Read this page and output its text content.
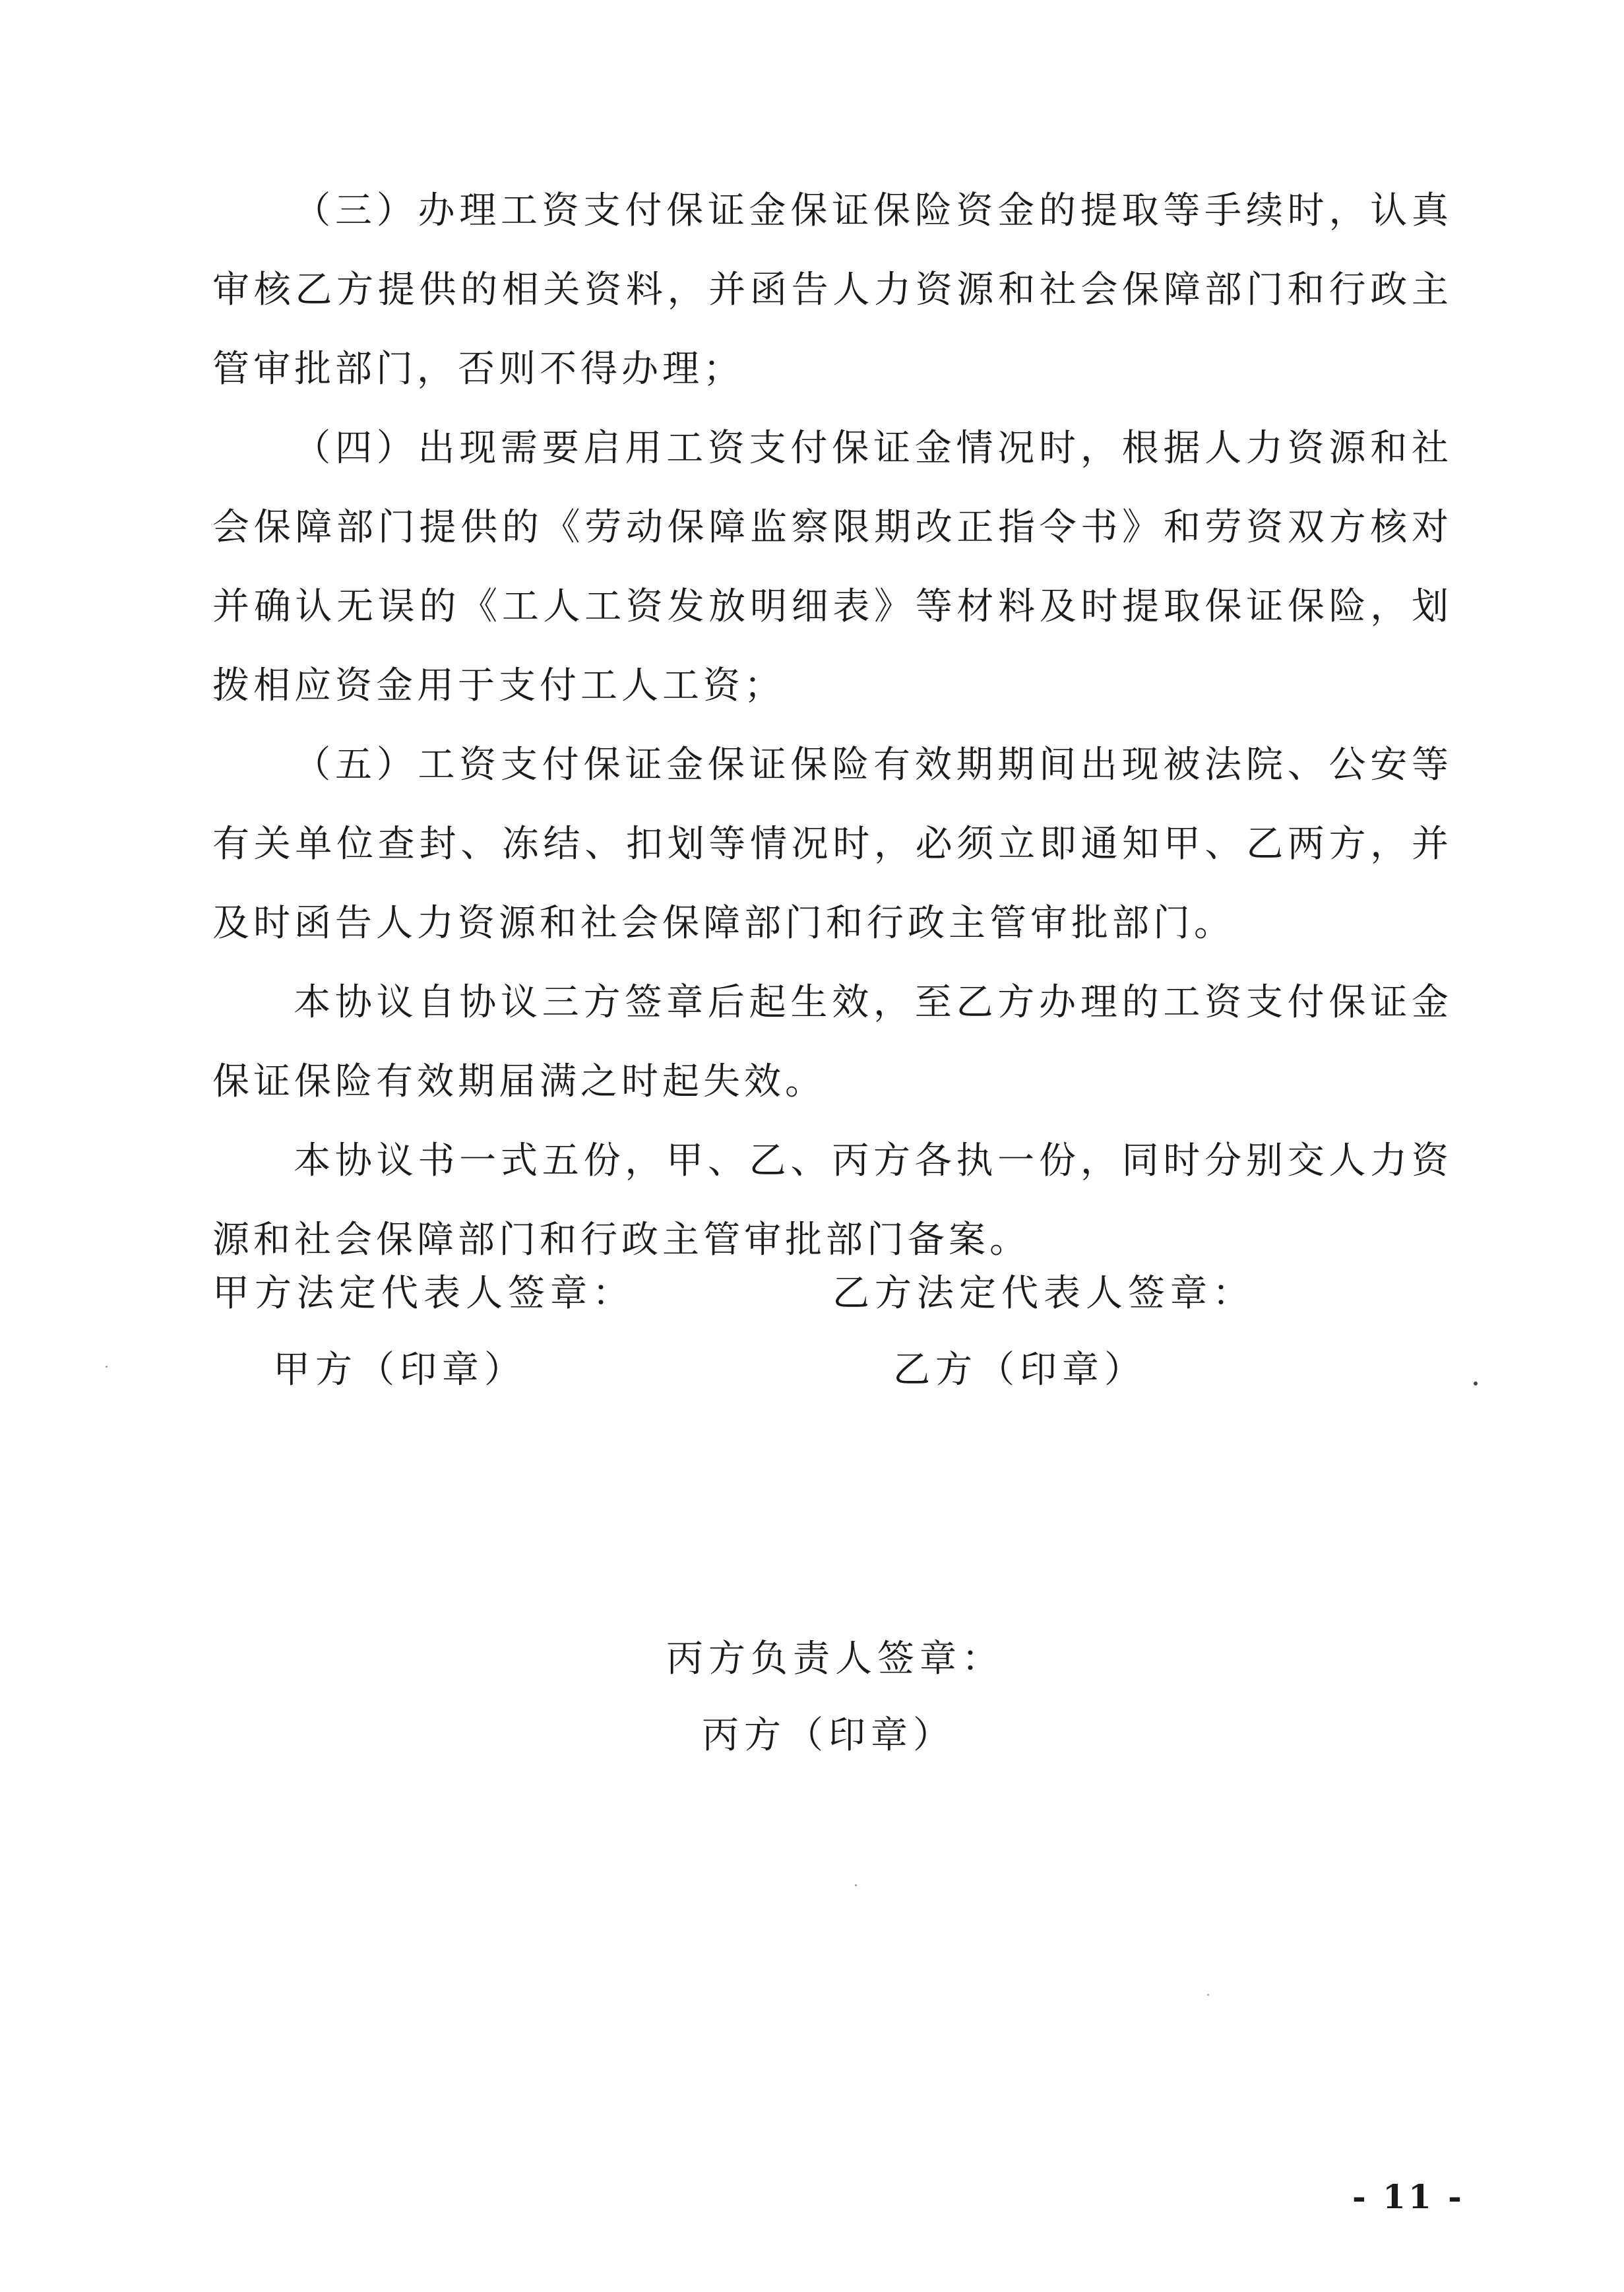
（三）办理工资支付保证金保证保险资金的提取等手续时，认真审核乙方提供的相关资料，并函告人力资源和社会保障部门和行政主管审批部门，否则不得办理；

（四）出现需要启用工资支付保证金情况时，根据人力资源和社会保障部门提供的《劳动保障监察限期改正指令书》和劳资双方核对并确认无误的《工人工资发放明细表》等材料及时提取保证保险，划拨相应资金用于支付工人工资；

（五）工资支付保证金保证保险有效期期间出现被法院、公安等有关单位查封、冻结、扣划等情况时，必须立即通知甲、乙两方，并及时函告人力资源和社会保障部门和行政主管审批部门。

本协议自协议三方签章后起生效，至乙方办理的工资支付保证金保证保险有效期届满之时起失效。

本协议书一式五份，甲、乙、丙方各执一份，同时分别交人力资源和社会保障部门和行政主管审批部门备案。

甲方法定代表人签章：
甲方（印章）
乙方法定代表人签章：
乙方（印章）
丙方负责人签章：
丙方（印章）
- 11 -
